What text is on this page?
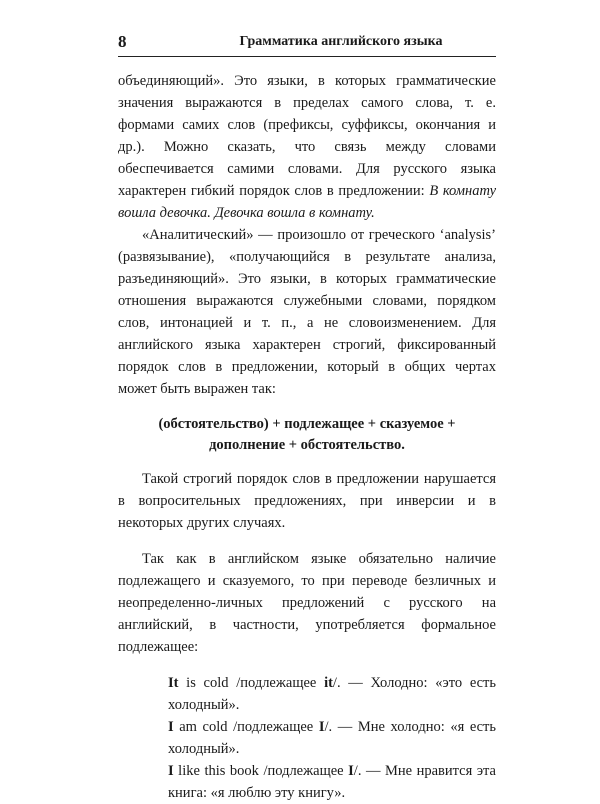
8	Грамматика английского языка

объединяющий». Это языки, в которых грамматические значения выражаются в пределах самого слова, т. е. формами самих слов (префиксы, суффиксы, окончания и др.). Можно сказать, что связь между словами обеспечивается самими словами. Для русского языка характерен гибкий порядок слов в предложении: В комнату вошла девочка. Девочка вошла в комнату.

«Аналитический» — произошло от греческого ‘analysis’ (развязывание), «получающийся в результате анализа, разъединяющий». Это языки, в которых грамматические отношения выражаются служебными словами, порядком слов, интонацией и т. п., а не словоизменением. Для английского языка характерен строгий, фиксированный порядок слов в предложении, который в общих чертах может быть выражен так:

(обстоятельство) + подлежащее + сказуемое +
дополнение + обстоятельство.

Такой строгий порядок слов в предложении нарушается в вопросительных предложениях, при инверсии и в некоторых других случаях.

Так как в английском языке обязательно наличие подлежащего и сказуемого, то при переводе безличных и неопределенно-личных предложений с русского на английский, в частности, употребляется формальное подлежащее:

It is cold /подлежащее it/. — Холодно: «это есть холодный».

I am cold /подлежащее I/. — Мне холодно: «я есть холодный».

I like this book /подлежащее I/. — Мне нравится эта книга: «я люблю эту книгу».
